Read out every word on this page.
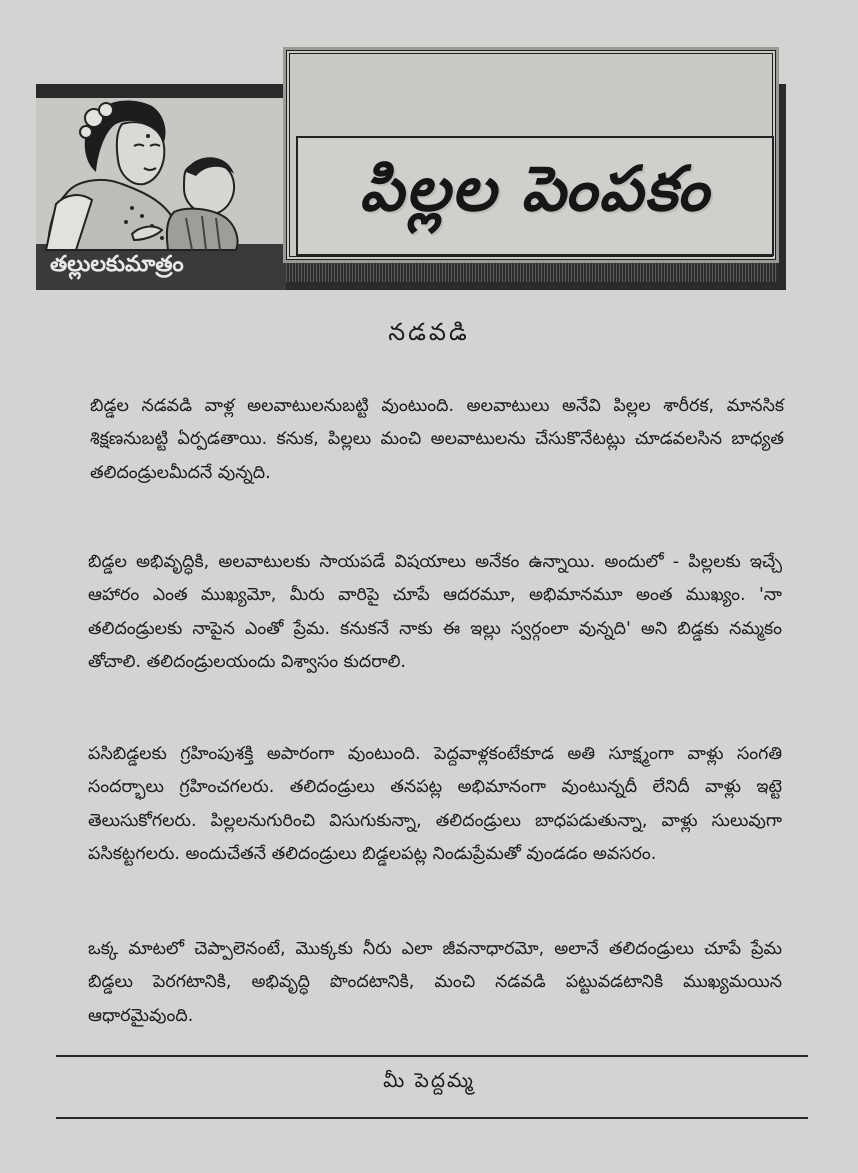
పిల్లల పెంపకం
తల్లులకుమాత్రం
నడవడి

బిడ్డల నడవడి వాళ్ల అలవాటులనుబట్టి వుంటుంది. అలవాటులు అనేవి పిల్లల శారీరక, మానసిక శిక్షణనుబట్టి ఏర్పడతాయి. కనుక, పిల్లలు మంచి అలవాటులను చేసుకొనేటట్లు చూడవలసిన బాధ్యత తలిదండ్రులమీదనే వున్నది.

బిడ్డల అభివృద్ధికి, అలవాటులకు సాయపడే విషయాలు అనేకం ఉన్నాయి. అందులో - పిల్లలకు ఇచ్చే ఆహారం ఎంత ముఖ్యమో, మీరు వారిపై చూపే ఆదరమూ, అభిమానమూ అంత ముఖ్యం. 'నా తలిదండ్రులకు నాపైన ఎంతో ప్రేమ. కనుకనే నాకు ఈ ఇల్లు స్వర్గంలా వున్నది' అని బిడ్డకు నమ్మకం తోచాలి. తలిదండ్రులయందు విశ్వాసం కుదరాలి.

పసిబిడ్డలకు గ్రహింపుశక్తి అపారంగా వుంటుంది. పెద్దవాళ్లకంటేకూడ అతి సూక్ష్మంగా వాళ్లు సంగతి సందర్భాలు గ్రహించగలరు. తలిదండ్రులు తనపట్ల అభిమానంగా వుంటున్నదీ లేనిదీ వాళ్లు ఇట్టె తెలుసుకోగలరు. పిల్లలనుగురించి విసుగుకున్నా, తలిదండ్రులు బాధపడుతున్నా, వాళ్లు సులువుగా పసికట్టగలరు. అందుచేతనే తలిదండ్రులు బిడ్డలపట్ల నిండుప్రేమతో వుండడం అవసరం.

ఒక్క మాటలో చెప్పాలెనంటే, మొక్కకు నీరు ఎలా జీవనాధారమో, అలానే తలిదండ్రులు చూపే ప్రేమ బిడ్డలు పెరగటానికి, అభివృద్ధి పొందటానికి, మంచి నడవడి పట్టువడటానికి ముఖ్యమయిన ఆధారమైవుంది.

మీ పెద్దమ్మ
